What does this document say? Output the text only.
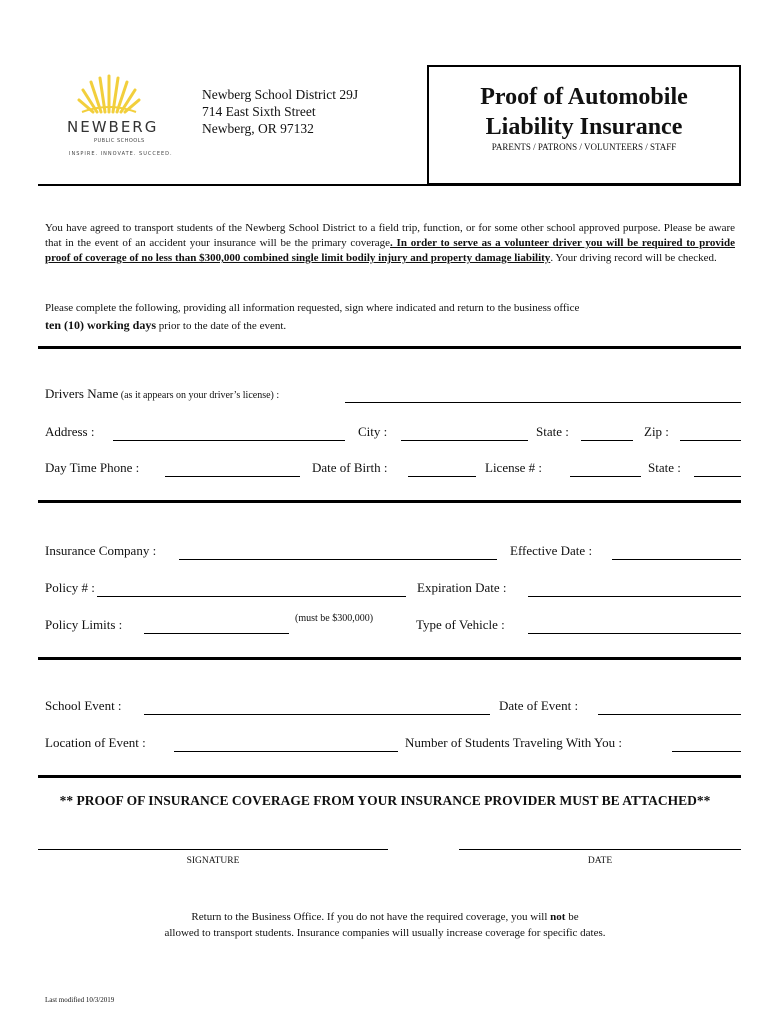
NEWBERG
PUBLIC SCHOOLS
INSPIRE. INNOVATE. SUCCEED.
Newberg School District 29J
714 East Sixth Street
Newberg, OR 97132
Proof of Automobile
Liability Insurance
PARENTS / PATRONS / VOLUNTEERS / STAFF
You have agreed to transport students of the Newberg School District to a field trip, function, or for some other school approved purpose. Please be aware that in the event of an accident your insurance will be the primary coverage. In order to serve as a volunteer driver you will be required to provide proof of coverage of no less than $300,000 combined single limit bodily injury and property damage liability. Your driving record will be checked.
Please complete the following, providing all information requested, sign where indicated and return to the business office
ten (10) working days prior to the date of the event.
Drivers Name (as it appears on your driver’s license) :
Address :	City :	State :	Zip :
Day Time Phone :	Date of Birth :	License # :	State :
Insurance Company :	Effective Date :
Policy # :	Expiration Date :
Policy Limits :	(must be $300,000)	Type of Vehicle :
School Event :	Date of Event :
Location of Event :	Number of Students Traveling With You :
** PROOF OF INSURANCE COVERAGE FROM YOUR INSURANCE PROVIDER MUST BE ATTACHED**
SIGNATURE	DATE
Return to the Business Office. If you do not have the required coverage, you will not be
allowed to transport students. Insurance companies will usually increase coverage for specific dates.
Last modified 10/3/2019
